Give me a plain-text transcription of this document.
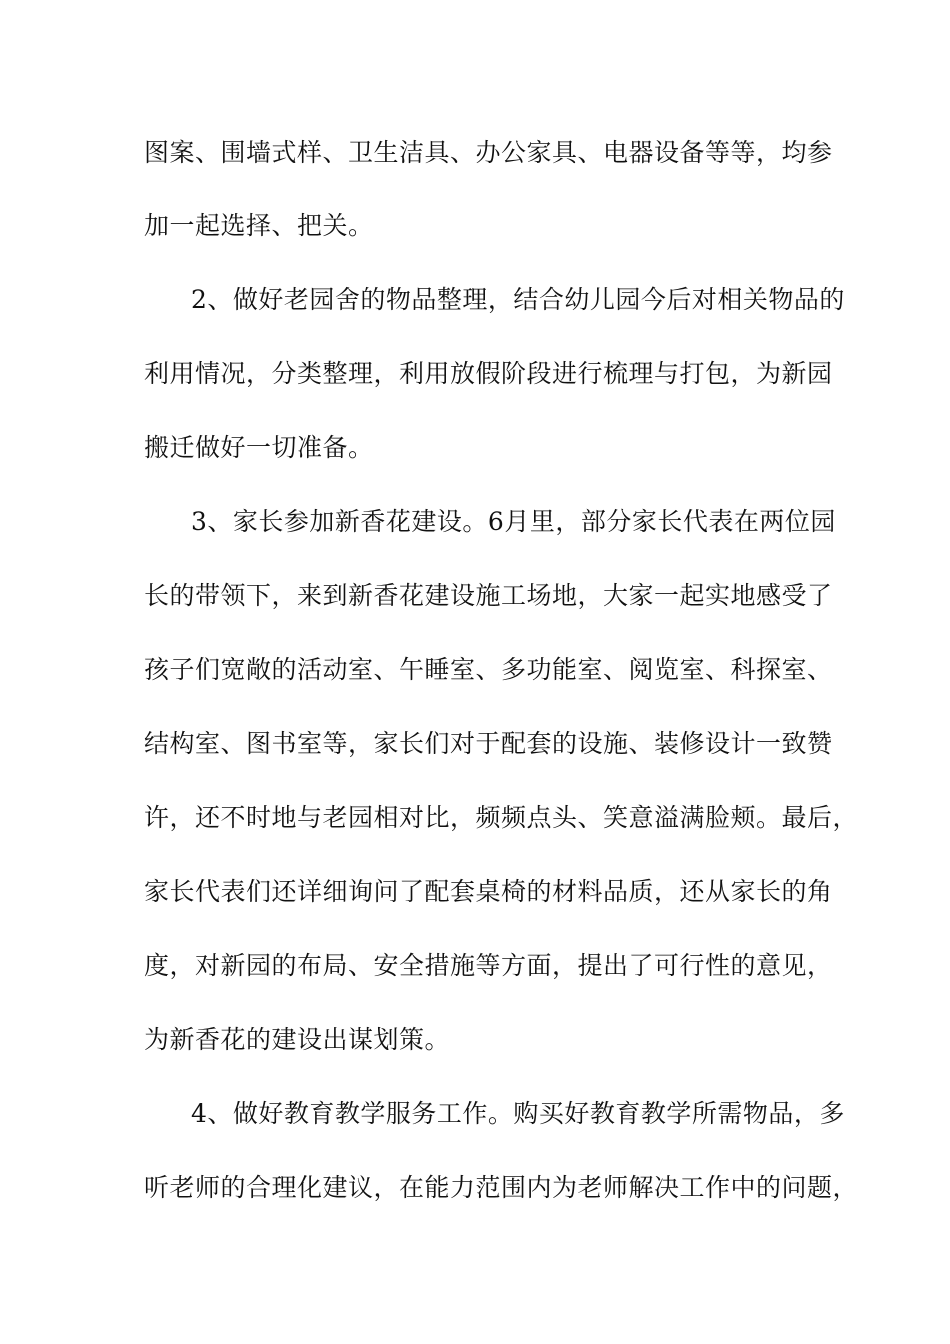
图案、围墙式样、卫生洁具、办公家具、电器设备等等，均参
加一起选择、把关。
2、做好老园舍的物品整理，结合幼儿园今后对相关物品的
利用情况，分类整理，利用放假阶段进行梳理与打包，为新园
搬迁做好一切准备。
3、家长参加新香花建设。6月里，部分家长代表在两位园
长的带领下，来到新香花建设施工场地，大家一起实地感受了
孩子们宽敞的活动室、午睡室、多功能室、阅览室、科探室、
结构室、图书室等，家长们对于配套的设施、装修设计一致赞
许，还不时地与老园相对比，频频点头、笑意溢满脸颊。最后，
家长代表们还详细询问了配套桌椅的材料品质，还从家长的角
度，对新园的布局、安全措施等方面，提出了可行性的意见，
为新香花的建设出谋划策。
4、做好教育教学服务工作。购买好教育教学所需物品，多
听老师的合理化建议，在能力范围内为老师解决工作中的问题，
